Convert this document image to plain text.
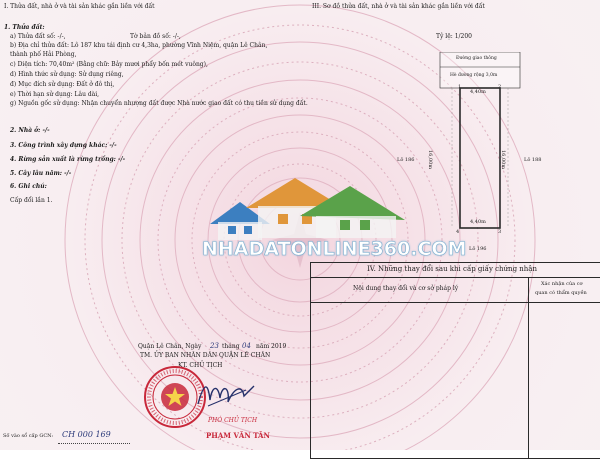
I. Thửa đất, nhà ở và tài sản khác gắn liền với đất
1. Thửa đất:
a) Thửa đất số: -/-,	Tờ bản đồ số: -/-,
b) Địa chỉ thửa đất: Lô 187 khu tái định cư 4,3ha, phường Vĩnh Niệm, quận Lê Chân,
thành phố Hải Phòng,
c) Diện tích: 70,40m² (Bằng chữ: Bảy mươi phẩy bốn mét vuông),
d) Hình thức sử dụng: Sử dụng riêng,
đ) Mục đích sử dụng: Đất ở đô thị,
e) Thời hạn sử dụng: Lâu dài,
g) Nguồn gốc sử dụng: Nhận chuyển nhượng đất được Nhà nước giao đất có thu tiền sử dụng đất.
2. Nhà ở: -/-
3. Công trình xây dựng khác: -/-
4. Rừng sản xuất là rừng trồng: -/-
5. Cây lâu năm: -/-
6. Ghi chú:
Cấp đổi lần 1.
NHADATONLINE360.COM
III. Sơ đồ thửa đất, nhà ở và tài sản khác gắn liền với đất
Tỷ lệ: 1/200
Đường giao thông
Hè đường rộng 3,0m
1	2
3
4
4,40m
4,40m
16,00m	16,00m
Lô 186	Lô 188
Lô 196
IV. Những thay đổi sau khi cấp giấy chứng nhận
Nội dung thay đổi và cơ sở pháp lý
Xác nhận của cơ
quan có thẩm quyền
Quận Lê Chân, Ngày 23 tháng 04 năm 2019
TM. ỦY BAN NHÂN DÂN QUẬN LÊ CHÂN
KT. CHỦ TỊCH
PHÓ CHỦ TỊCH
PHẠM VĂN TÂN
Số vào sổ cấp GCN: CH 000 169
